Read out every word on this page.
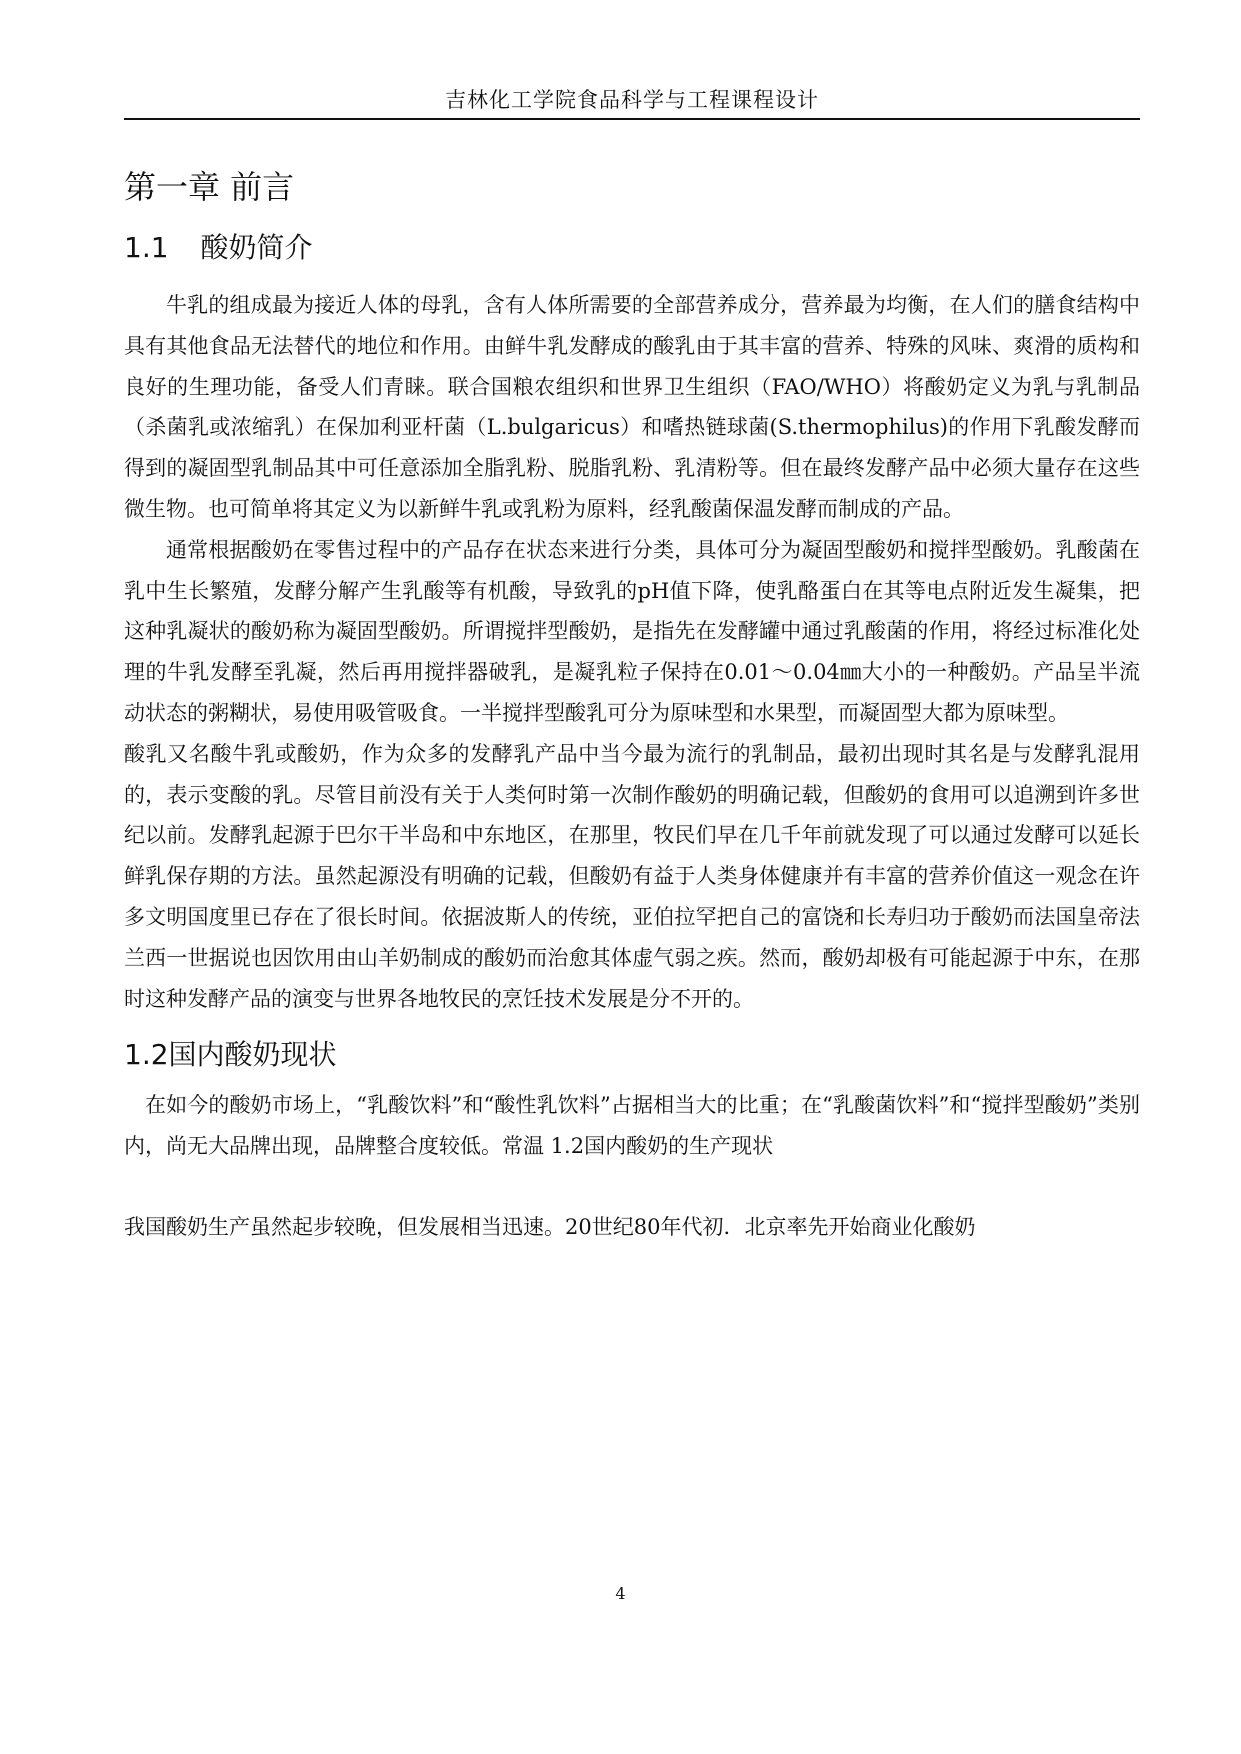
吉林化工学院食品科学与工程课程设计
第一章 前言
1.1 酸奶简介

牛乳的组成最为接近人体的母乳，含有人体所需要的全部营养成分，营养最为均衡，在人们的膳食结构中具有其他食品无法替代的地位和作用。由鲜牛乳发酵成的酸乳由于其丰富的营养、特殊的风味、爽滑的质构和良好的生理功能，备受人们青睐。联合国粮农组织和世界卫生组织（FAO/WHO）将酸奶定义为乳与乳制品（杀菌乳或浓缩乳）在保加利亚杆菌（L.bulgaricus）和嗜热链球菌(S.thermophilus)的作用下乳酸发酵而得到的凝固型乳制品其中可任意添加全脂乳粉、脱脂乳粉、乳清粉等。但在最终发酵产品中必须大量存在这些微生物。也可简单将其定义为以新鲜牛乳或乳粉为原料，经乳酸菌保温发酵而制成的产品。

通常根据酸奶在零售过程中的产品存在状态来进行分类，具体可分为凝固型酸奶和搅拌型酸奶。乳酸菌在乳中生长繁殖，发酵分解产生乳酸等有机酸，导致乳的pH值下降，使乳酪蛋白在其等电点附近发生凝集，把这种乳凝状的酸奶称为凝固型酸奶。所谓搅拌型酸奶，是指先在发酵罐中通过乳酸菌的作用，将经过标准化处理的牛乳发酵至乳凝，然后再用搅拌器破乳，是凝乳粒子保持在0.01～0.04㎜大小的一种酸奶。产品呈半流动状态的粥糊状，易使用吸管吸食。一半搅拌型酸乳可分为原味型和水果型，而凝固型大都为原味型。

酸乳又名酸牛乳或酸奶，作为众多的发酵乳产品中当今最为流行的乳制品，最初出现时其名是与发酵乳混用的，表示变酸的乳。尽管目前没有关于人类何时第一次制作酸奶的明确记载，但酸奶的食用可以追溯到许多世纪以前。发酵乳起源于巴尔干半岛和中东地区，在那里，牧民们早在几千年前就发现了可以通过发酵可以延长鲜乳保存期的方法。虽然起源没有明确的记载，但酸奶有益于人类身体健康并有丰富的营养价值这一观念在许多文明国度里已存在了很长时间。依据波斯人的传统，亚伯拉罕把自己的富饶和长寿归功于酸奶而法国皇帝法兰西一世据说也因饮用由山羊奶制成的酸奶而治愈其体虚气弱之疾。然而，酸奶却极有可能起源于中东，在那时这种发酵产品的演变与世界各地牧民的烹饪技术发展是分不开的。

1.2国内酸奶现状

在如今的酸奶市场上，“乳酸饮料”和“酸性乳饮料”占据相当大的比重；在“乳酸菌饮料”和“搅拌型酸奶”类别内，尚无大品牌出现，品牌整合度较低。常温 1.2国内酸奶的生产现状

我国酸奶生产虽然起步较晚，但发展相当迅速。20世纪80年代初．北京率先开始商业化酸奶

4
